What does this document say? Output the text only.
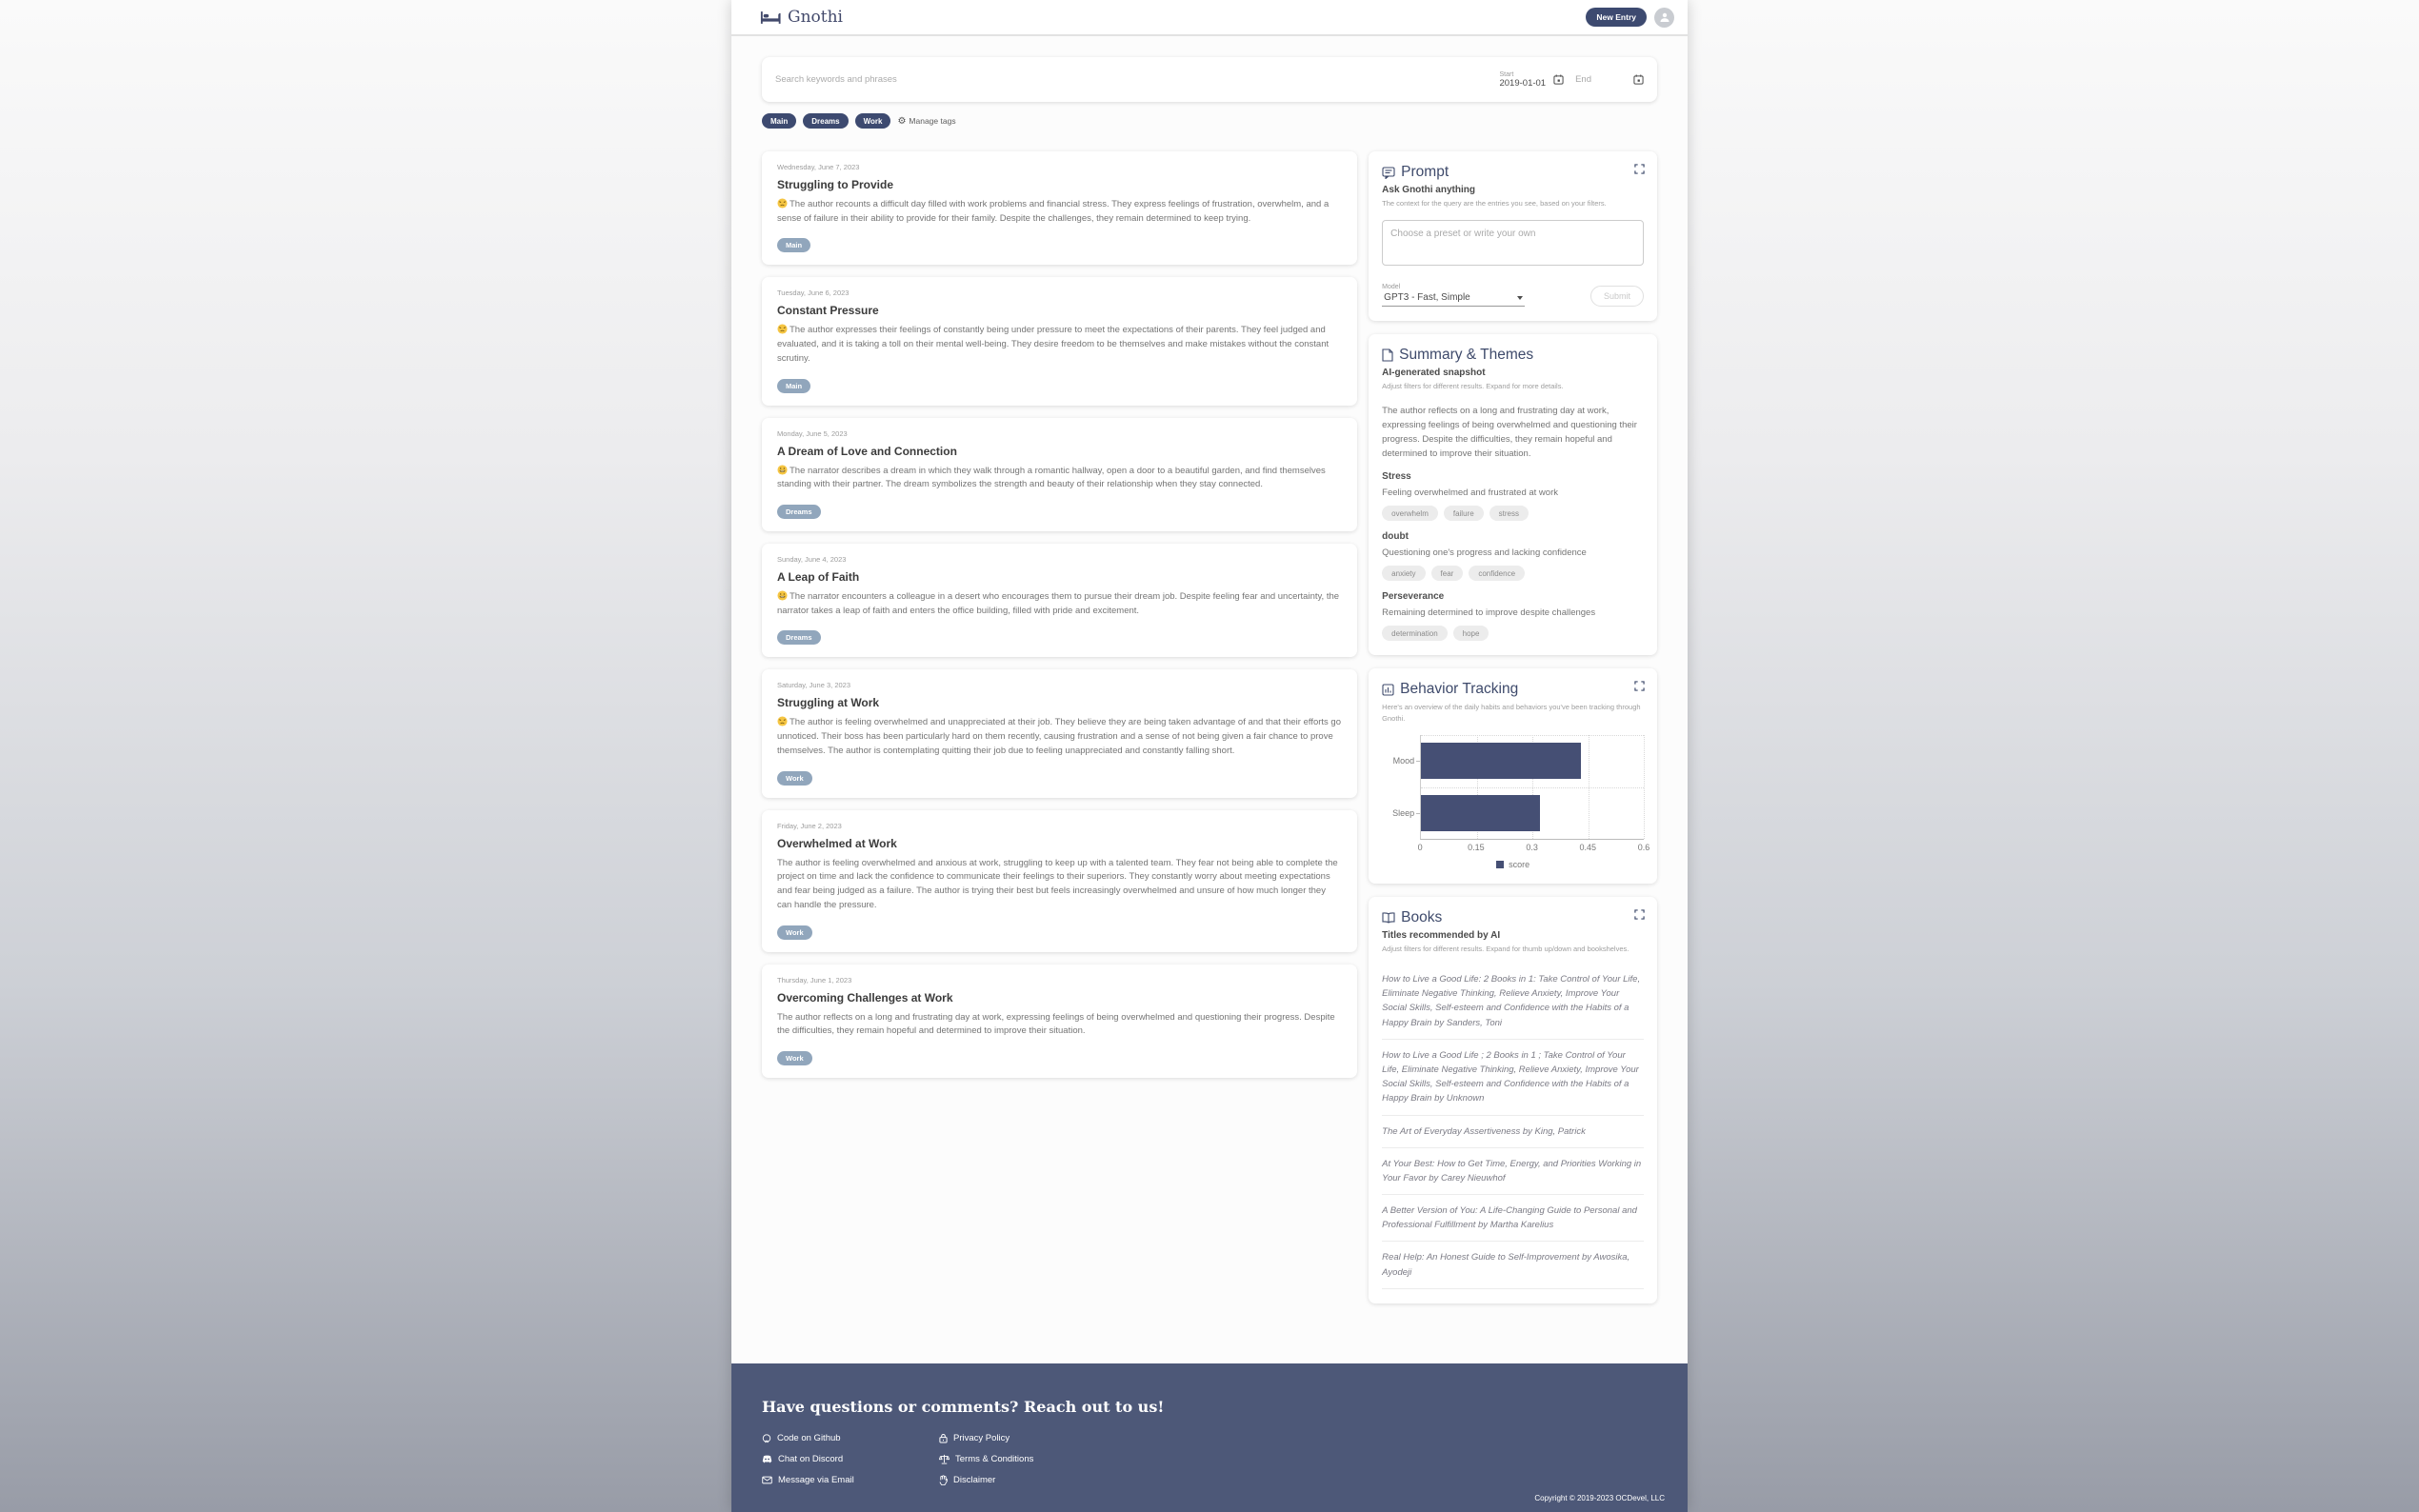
Gnothi	New Entry
Search keywords and phrases
Start
2019-01-01	End
Main	Dreams	Work	⚙ Manage tags
Wednesday, June 7, 2023
Struggling to Provide
The author recounts a difficult day filled with work problems and financial stress. They express feelings of frustration, overwhelm, and a sense of failure in their ability to provide for their family. Despite the challenges, they remain determined to keep trying.
Main
Tuesday, June 6, 2023
Constant Pressure
The author expresses their feelings of constantly being under pressure to meet the expectations of their parents. They feel judged and evaluated, and it is taking a toll on their mental well-being. They desire freedom to be themselves and make mistakes without the constant scrutiny.
Main
Monday, June 5, 2023
A Dream of Love and Connection
The narrator describes a dream in which they walk through a romantic hallway, open a door to a beautiful garden, and find themselves standing with their partner. The dream symbolizes the strength and beauty of their relationship when they stay connected.
Dreams
Sunday, June 4, 2023
A Leap of Faith
The narrator encounters a colleague in a desert who encourages them to pursue their dream job. Despite feeling fear and uncertainty, the narrator takes a leap of faith and enters the office building, filled with pride and excitement.
Dreams
Saturday, June 3, 2023
Struggling at Work
The author is feeling overwhelmed and unappreciated at their job. They believe they are being taken advantage of and that their efforts go unnoticed. Their boss has been particularly hard on them recently, causing frustration and a sense of not being given a fair chance to prove themselves. The author is contemplating quitting their job due to feeling unappreciated and constantly falling short.
Work
Friday, June 2, 2023
Overwhelmed at Work
The author is feeling overwhelmed and anxious at work, struggling to keep up with a talented team. They fear not being able to complete the project on time and lack the confidence to communicate their feelings to their superiors. They constantly worry about meeting expectations and fear being judged as a failure. The author is trying their best but feels increasingly overwhelmed and unsure of how much longer they can handle the pressure.
Work
Thursday, June 1, 2023
Overcoming Challenges at Work
The author reflects on a long and frustrating day at work, expressing feelings of being overwhelmed and questioning their progress. Despite the difficulties, they remain hopeful and determined to improve their situation.
Work
Prompt
Ask Gnothi anything
The context for the query are the entries you see, based on your filters.
Choose a preset or write your own
Model
GPT3 - Fast, Simple	Submit
Summary & Themes
AI-generated snapshot
Adjust filters for different results. Expand for more details.
The author reflects on a long and frustrating day at work, expressing feelings of being overwhelmed and questioning their progress. Despite the difficulties, they remain hopeful and determined to improve their situation.
Stress
Feeling overwhelmed and frustrated at work
overwhelm	failure	stress
doubt
Questioning one's progress and lacking confidence
anxiety	fear	confidence
Perseverance
Remaining determined to improve despite challenges
determination	hope
Behavior Tracking
Here's an overview of the daily habits and behaviors you've been tracking through Gnothi.
Mood
Sleep
0	0.15	0.3	0.45	0.6
score
Books
Titles recommended by AI
Adjust filters for different results. Expand for thumb up/down and bookshelves.
How to Live a Good Life: 2 Books in 1: Take Control of Your Life, Eliminate Negative Thinking, Relieve Anxiety, Improve Your Social Skills, Self-esteem and Confidence with the Habits of a Happy Brain by Sanders, Toni
How to Live a Good Life ; 2 Books in 1 ; Take Control of Your Life, Eliminate Negative Thinking, Relieve Anxiety, Improve Your Social Skills, Self-esteem and Confidence with the Habits of a Happy Brain by Unknown
The Art of Everyday Assertiveness by King, Patrick
At Your Best: How to Get Time, Energy, and Priorities Working in Your Favor by Carey Nieuwhof
A Better Version of You: A Life-Changing Guide to Personal and Professional Fulfillment by Martha Karelius
Real Help: An Honest Guide to Self-Improvement by Awosika, Ayodeji
Have questions or comments? Reach out to us!
Code on Github
Chat on Discord
Message via Email
Privacy Policy
Terms & Conditions
Disclaimer
Copyright © 2019-2023 OCDevel, LLC
